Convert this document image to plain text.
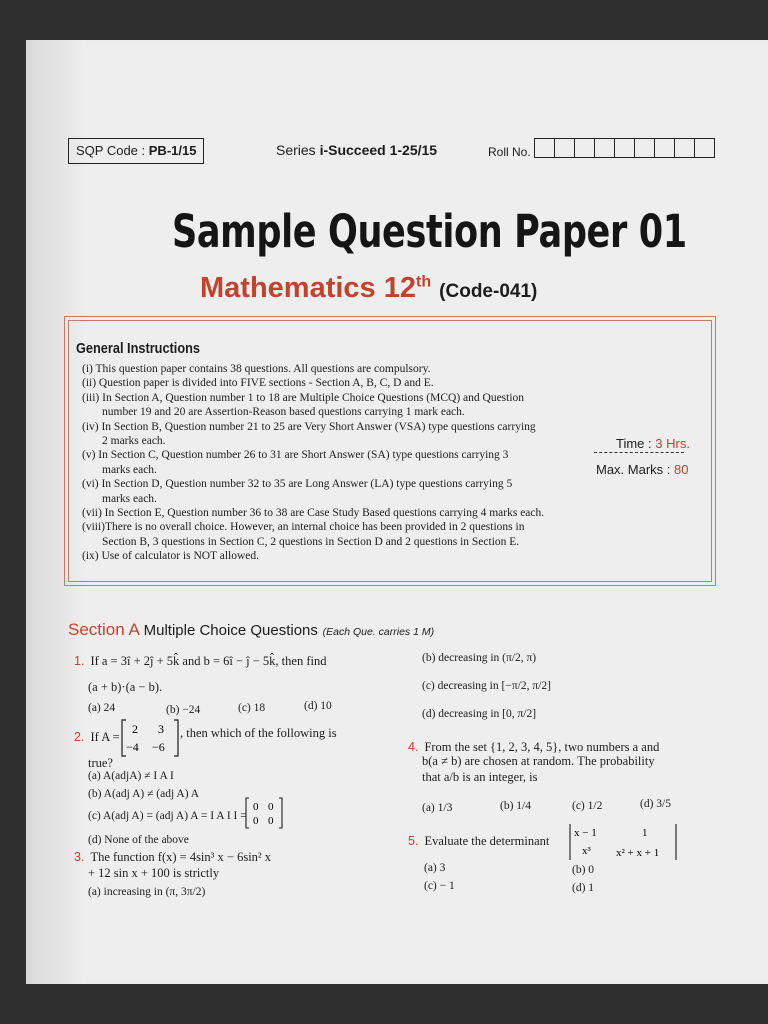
SQP Code : PB-1/15	Series i-Succeed 1-25/15	Roll No.
Sample Question Paper 01
Mathematics 12th (Code-041)
General Instructions
(i) This question paper contains 38 questions. All questions are compulsory.
(ii) Question paper is divided into FIVE sections - Section A, B, C, D and E.
(iii) In Section A, Question number 1 to 18 are Multiple Choice Questions (MCQ) and Question
number 19 and 20 are Assertion-Reason based questions carrying 1 mark each.
(iv) In Section B, Question number 21 to 25 are Very Short Answer (VSA) type questions carrying
2 marks each.
(v) In Section C, Question number 26 to 31 are Short Answer (SA) type questions carrying 3
marks each.
(vi) In Section D, Question number 32 to 35 are Long Answer (LA) type questions carrying 5
marks each.
(vii) In Section E, Question number 36 to 38 are Case Study Based questions carrying 4 marks each.
(viii)There is no overall choice. However, an internal choice has been provided in 2 questions in
Section B, 3 questions in Section C, 2 questions in Section D and 2 questions in Section E.
(ix) Use of calculator is NOT allowed.
Time : 3 Hrs.
Max. Marks : 80
Section A Multiple Choice Questions (Each Que. carries 1 M)
1. If a = 3î + 2ĵ + 5k̂ and b = 6î − ĵ − 5k̂, then find
(a + b)·(a − b).
(a) 24	(b) −24	(c) 18	(d) 10
2. If A =
2 3
−4 −6
, then which of the following is
true?
(a) A(adjA) ≠ I A I
(b) A(adj A) ≠ (adj A) A
(c) A(adj A) = (adj A) A = I A I I =
0 0
0 0
(d) None of the above
3. The function f(x) = 4sin³ x − 6sin² x
+ 12 sin x + 100 is strictly
(a) increasing in (π, 3π/2)
(b) decreasing in (π/2, π)
(c) decreasing in [−π/2, π/2]
(d) decreasing in [0, π/2]
4. From the set {1, 2, 3, 4, 5}, two numbers a and
b(a ≠ b) are chosen at random. The probability
that a/b is an integer, is
(a) 1/3	(b) 1/4	(c) 1/2	(d) 3/5
5. Evaluate the determinant
x − 1	1
x³ x² + x + 1
(a) 3	(b) 0
(c) − 1	(d) 1
